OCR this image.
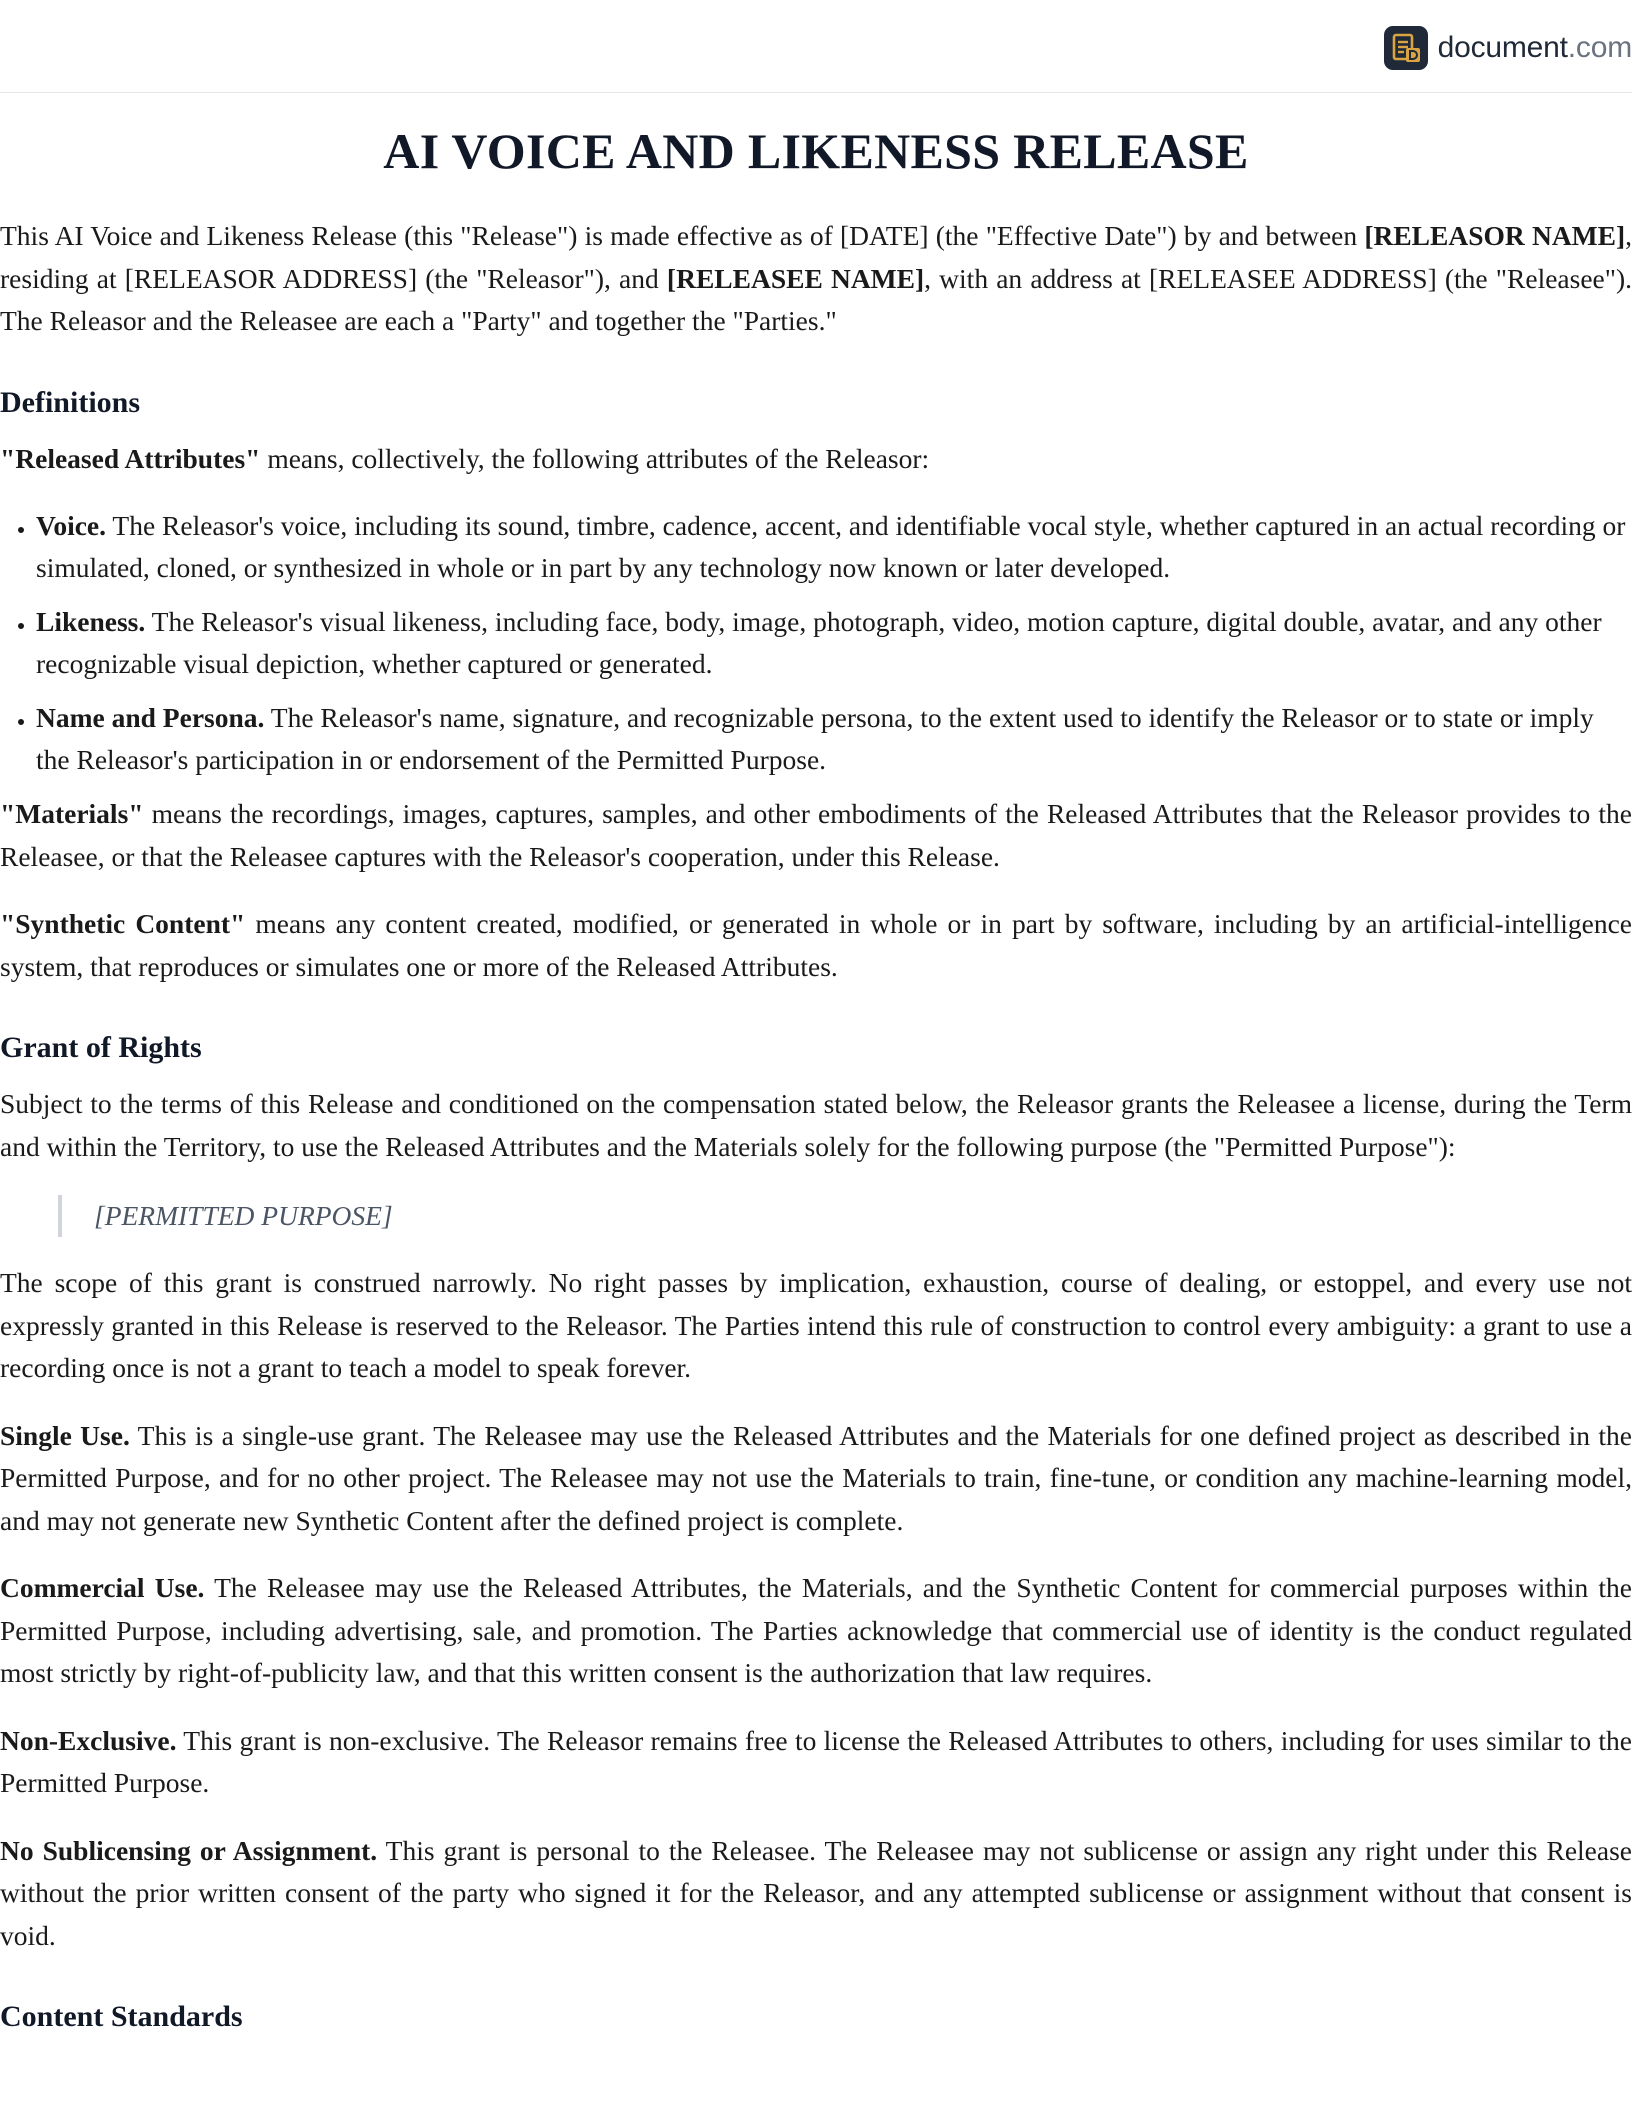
document.com
AI VOICE AND LIKENESS RELEASE

This AI Voice and Likeness Release (this "Release") is made effective as of [DATE] (the "Effective Date") by and between [RELEASOR NAME], residing at [RELEASOR ADDRESS] (the "Releasor"), and [RELEASEE NAME], with an address at [RELEASEE ADDRESS] (the "Releasee"). The Releasor and the Releasee are each a "Party" and together the "Parties."

Definitions

"Released Attributes" means, collectively, the following attributes of the Releasor:

• Voice. The Releasor's voice, including its sound, timbre, cadence, accent, and identifiable vocal style, whether captured in an actual recording or simulated, cloned, or synthesized in whole or in part by any technology now known or later developed.
• Likeness. The Releasor's visual likeness, including face, body, image, photograph, video, motion capture, digital double, avatar, and any other recognizable visual depiction, whether captured or generated.
• Name and Persona. The Releasor's name, signature, and recognizable persona, to the extent used to identify the Releasor or to state or imply the Releasor's participation in or endorsement of the Permitted Purpose.

"Materials" means the recordings, images, captures, samples, and other embodiments of the Released Attributes that the Releasor provides to the Releasee, or that the Releasee captures with the Releasor's cooperation, under this Release.

"Synthetic Content" means any content created, modified, or generated in whole or in part by software, including by an artificial-intelligence system, that reproduces or simulates one or more of the Released Attributes.

Grant of Rights

Subject to the terms of this Release and conditioned on the compensation stated below, the Releasor grants the Releasee a license, during the Term and within the Territory, to use the Released Attributes and the Materials solely for the following purpose (the "Permitted Purpose"):

[PERMITTED PURPOSE]

The scope of this grant is construed narrowly. No right passes by implication, exhaustion, course of dealing, or estoppel, and every use not expressly granted in this Release is reserved to the Releasor. The Parties intend this rule of construction to control every ambiguity: a grant to use a recording once is not a grant to teach a model to speak forever.

Single Use. This is a single-use grant. The Releasee may use the Released Attributes and the Materials for one defined project as described in the Permitted Purpose, and for no other project. The Releasee may not use the Materials to train, fine-tune, or condition any machine-learning model, and may not generate new Synthetic Content after the defined project is complete.

Commercial Use. The Releasee may use the Released Attributes, the Materials, and the Synthetic Content for commercial purposes within the Permitted Purpose, including advertising, sale, and promotion. The Parties acknowledge that commercial use of identity is the conduct regulated most strictly by right-of-publicity law, and that this written consent is the authorization that law requires.

Non-Exclusive. This grant is non-exclusive. The Releasor remains free to license the Released Attributes to others, including for uses similar to the Permitted Purpose.

No Sublicensing or Assignment. This grant is personal to the Releasee. The Releasee may not sublicense or assign any right under this Release without the prior written consent of the party who signed it for the Releasor, and any attempted sublicense or assignment without that consent is void.

Content Standards
